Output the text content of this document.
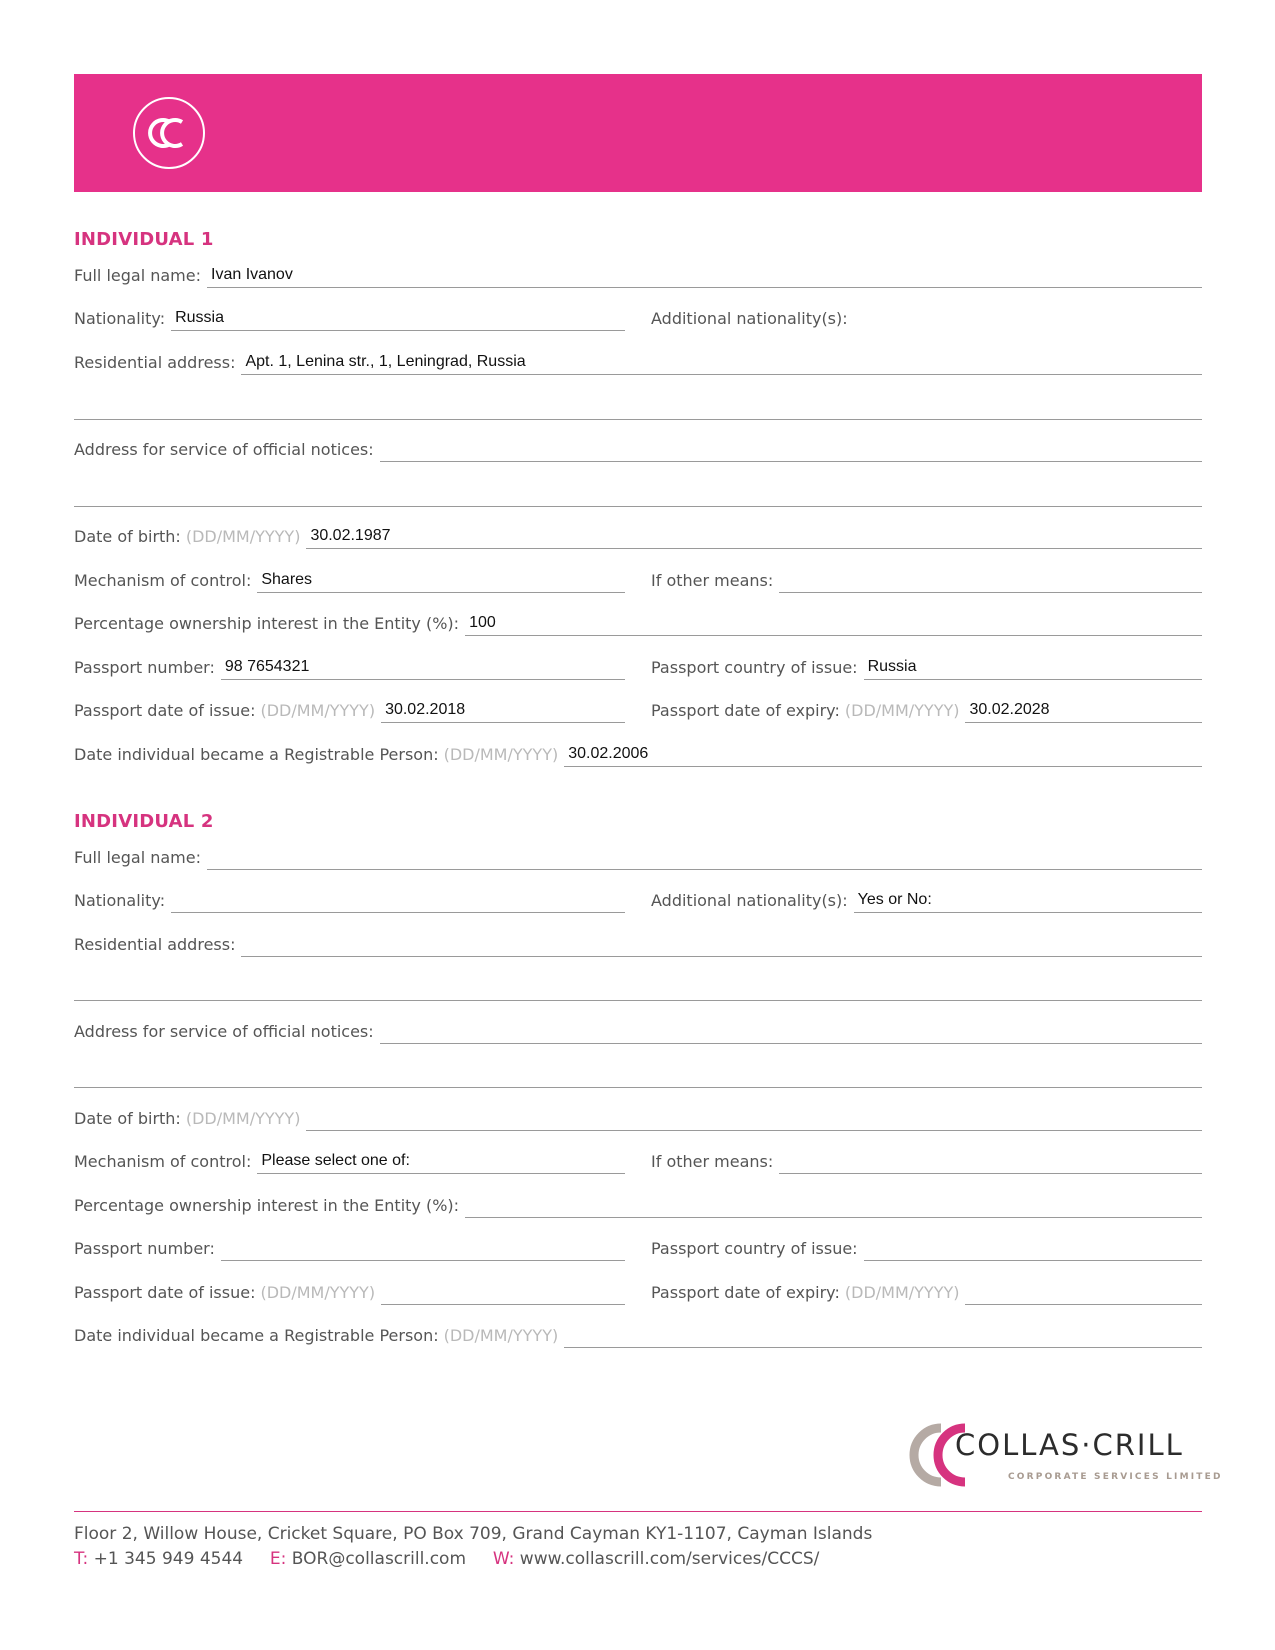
INDIVIDUAL 1
Full legal name: Ivan Ivanov
Nationality: Russia	Additional nationality(s):
Residential address: Apt. 1, Lenina str., 1, Leningrad, Russia
Address for service of official notices:
Date of birth: (DD/MM/YYYY) 30.02.1987
Mechanism of control: Shares	If other means:
Percentage ownership interest in the Entity (%): 100
Passport number: 98 7654321	Passport country of issue: Russia
Passport date of issue: (DD/MM/YYYY) 30.02.2018	Passport date of expiry: (DD/MM/YYYY) 30.02.2028
Date individual became a Registrable Person: (DD/MM/YYYY) 30.02.2006
INDIVIDUAL 2
Full legal name:
Nationality:	Additional nationality(s): Yes or No:
Residential address:
Address for service of official notices:
Date of birth: (DD/MM/YYYY)
Mechanism of control: Please select one of:	If other means:
Percentage ownership interest in the Entity (%):
Passport number:	Passport country of issue:
Passport date of issue: (DD/MM/YYYY)	Passport date of expiry: (DD/MM/YYYY)
Date individual became a Registrable Person: (DD/MM/YYYY)
COLLAS·CRILL
CORPORATE SERVICES LIMITED
Floor 2, Willow House, Cricket Square, PO Box 709, Grand Cayman KY1-1107, Cayman Islands
T: +1 345 949 4544 E: BOR@collascrill.com W: www.collascrill.com/services/CCCS/
